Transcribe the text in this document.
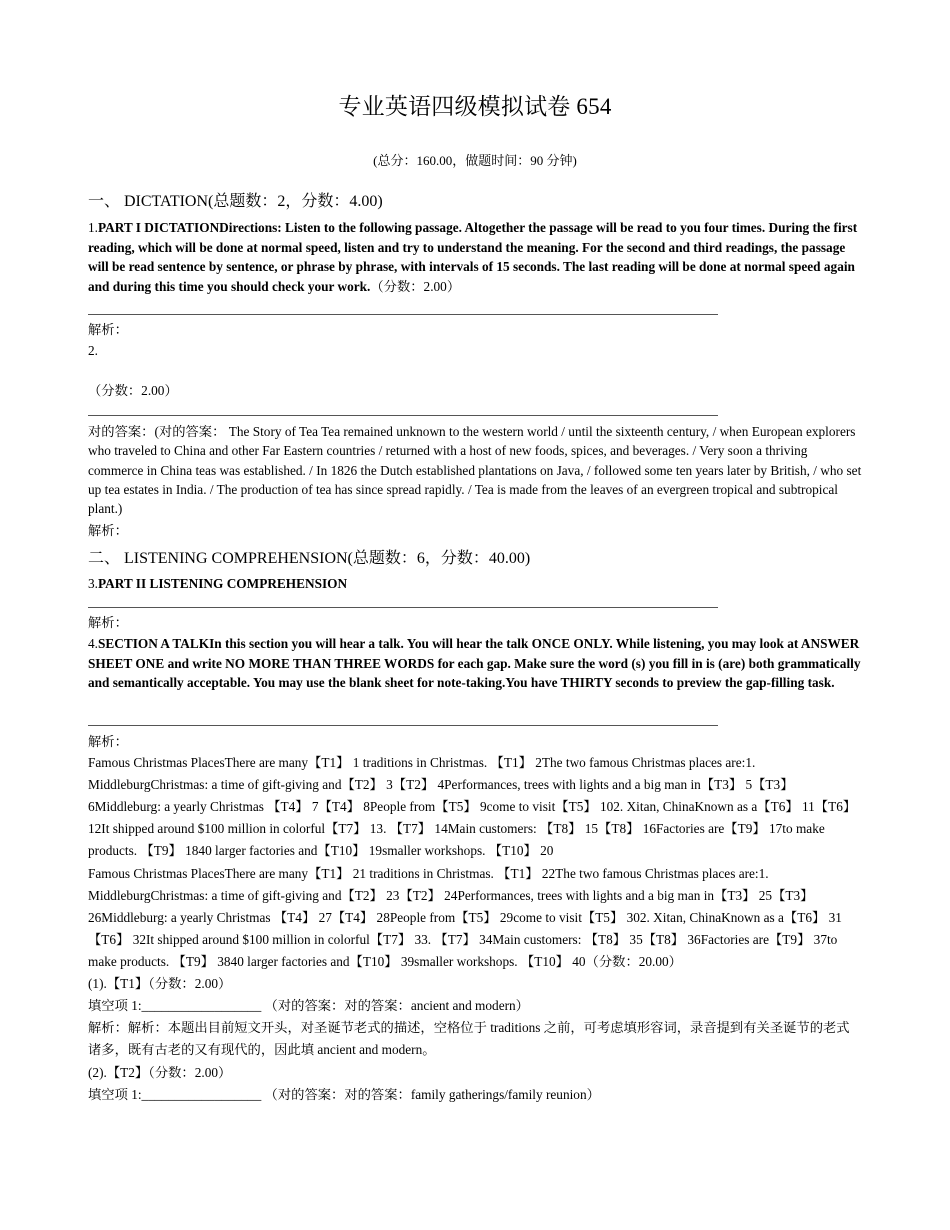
专业英语四级模拟试卷 654
(总分：160.00，做题时间：90 分钟)
一、 DICTATION(总题数：2，分数：4.00)
1.PART I DICTATIONDirections: Listen to the following passage. Altogether the passage will be read to you four times. During the first reading, which will be done at normal speed, listen and try to understand the meaning. For the second and third readings, the passage will be read sentence by sentence, or phrase by phrase, with intervals of 15 seconds. The last reading will be done at normal speed again and during this time you should check your work.（分数：2.00）
解析：
2.
（分数：2.00）
对的答案：(对的答案： The Story of Tea Tea remained unknown to the western world / until the sixteenth century, / when European explorers who traveled to China and other Far Eastern countries / returned with a host of new foods, spices, and beverages. / Very soon a thriving commerce in China teas was established. / In 1826 the Dutch established plantations on Java, / followed some ten years later by British, / who set up tea estates in India. / The production of tea has since spread rapidly. / Tea is made from the leaves of an evergreen tropical and subtropical plant.)
解析：
二、 LISTENING COMPREHENSION(总题数：6，分数：40.00)
3.PART II LISTENING COMPREHENSION
解析：
4.SECTION A TALKIn this section you will hear a talk. You will hear the talk ONCE ONLY. While listening, you may look at ANSWER SHEET ONE and write NO MORE THAN THREE WORDS for each gap. Make sure the word (s) you fill in is (are) both grammatically and semantically acceptable. You may use the blank sheet for note-taking.You have THIRTY seconds to preview the gap-filling task.
解析：
Famous Christmas PlacesThere are many【T1】 1 traditions in Christmas. 【T1】 2The two famous Christmas places are:1. MiddleburgChristmas: a time of gift-giving and【T2】 3【T2】 4Performances, trees with lights and a big man in【T3】 5【T3】 6Middleburg: a yearly Christmas 【T4】 7【T4】 8People from【T5】 9come to visit【T5】 102. Xitan, ChinaKnown as a【T6】 11【T6】 12It shipped around $100 million in colorful【T7】 13. 【T7】 14Main customers: 【T8】 15【T8】 16Factories are【T9】 17to make products. 【T9】 1840 larger factories and【T10】 19smaller workshops. 【T10】 20
Famous Christmas PlacesThere are many【T1】 21 traditions in Christmas. 【T1】 22The two famous Christmas places are:1. MiddleburgChristmas: a time of gift-giving and【T2】 23【T2】 24Performances, trees with lights and a big man in【T3】 25【T3】 26Middleburg: a yearly Christmas 【T4】 27【T4】 28People from【T5】 29come to visit【T5】 302. Xitan, ChinaKnown as a【T6】 31【T6】 32It shipped around $100 million in colorful【T7】 33. 【T7】 34Main customers: 【T8】 35【T8】 36Factories are【T9】 37to make products. 【T9】 3840 larger factories and【T10】 39smaller workshops. 【T10】 40（分数：20.00）
(1).【T1】（分数：2.00）
填空项 1:__________________ （对的答案：对的答案：ancient and modern）
解析：解析：本题出目前短文开头，对圣诞节老式的描述，空格位于 traditions 之前，可考虑填形容词，录音提到有关圣诞节的老式诸多，既有古老的又有现代的，因此填 ancient and modern。
(2).【T2】（分数：2.00）
填空项 1:__________________ （对的答案：对的答案：family gatherings/family reunion）
